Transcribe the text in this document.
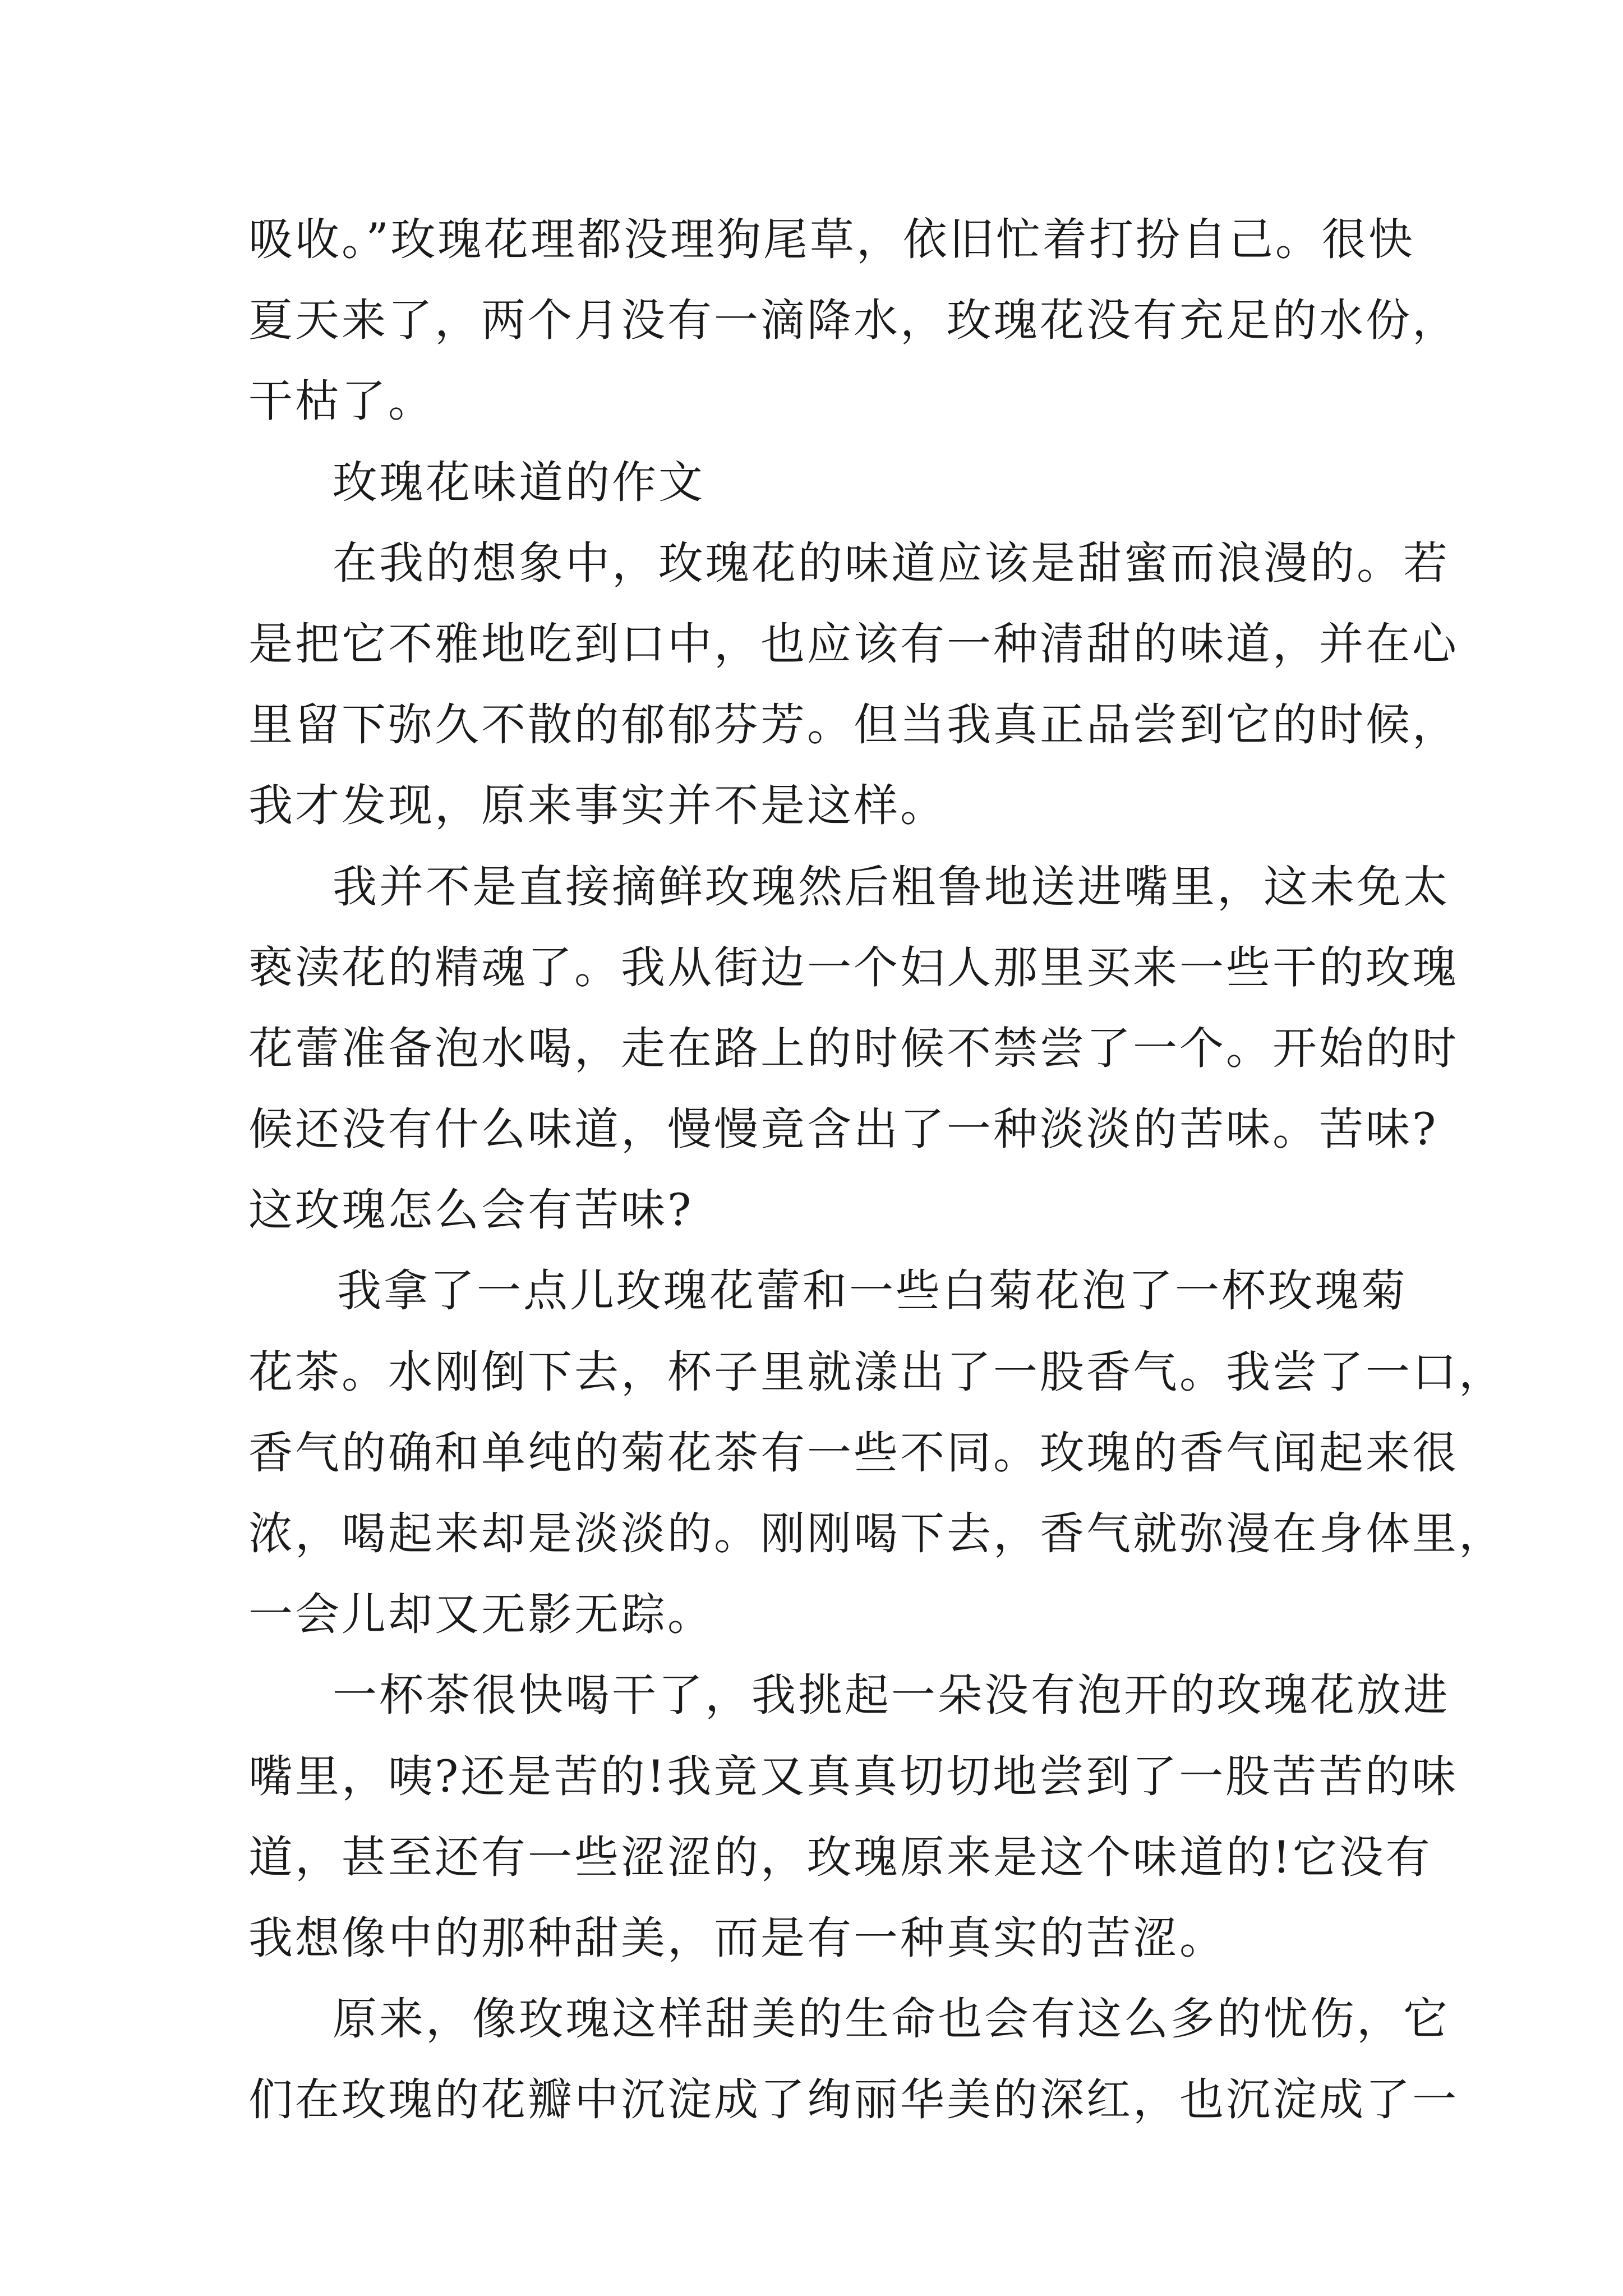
吸收。”玫瑰花理都没理狗尾草，依旧忙着打扮自己。很快
夏天来了，两个月没有一滴降水，玫瑰花没有充足的水份，
干枯了。
玫瑰花味道的作文
在我的想象中，玫瑰花的味道应该是甜蜜而浪漫的。若
是把它不雅地吃到口中，也应该有一种清甜的味道，并在心
里留下弥久不散的郁郁芬芳。但当我真正品尝到它的时候，
我才发现，原来事实并不是这样。
我并不是直接摘鲜玫瑰然后粗鲁地送进嘴里，这未免太
亵渎花的精魂了。我从街边一个妇人那里买来一些干的玫瑰
花蕾准备泡水喝，走在路上的时候不禁尝了一个。开始的时
候还没有什么味道，慢慢竟含出了一种淡淡的苦味。苦味?
这玫瑰怎么会有苦味?
我拿了一点儿玫瑰花蕾和一些白菊花泡了一杯玫瑰菊
花茶。水刚倒下去，杯子里就漾出了一股香气。我尝了一口，
香气的确和单纯的菊花茶有一些不同。玫瑰的香气闻起来很
浓，喝起来却是淡淡的。刚刚喝下去，香气就弥漫在身体里，
一会儿却又无影无踪。
一杯茶很快喝干了，我挑起一朵没有泡开的玫瑰花放进
嘴里，咦?还是苦的!我竟又真真切切地尝到了一股苦苦的味
道，甚至还有一些涩涩的，玫瑰原来是这个味道的!它没有
我想像中的那种甜美，而是有一种真实的苦涩。
原来，像玫瑰这样甜美的生命也会有这么多的忧伤，它
们在玫瑰的花瓣中沉淀成了绚丽华美的深红，也沉淀成了一
